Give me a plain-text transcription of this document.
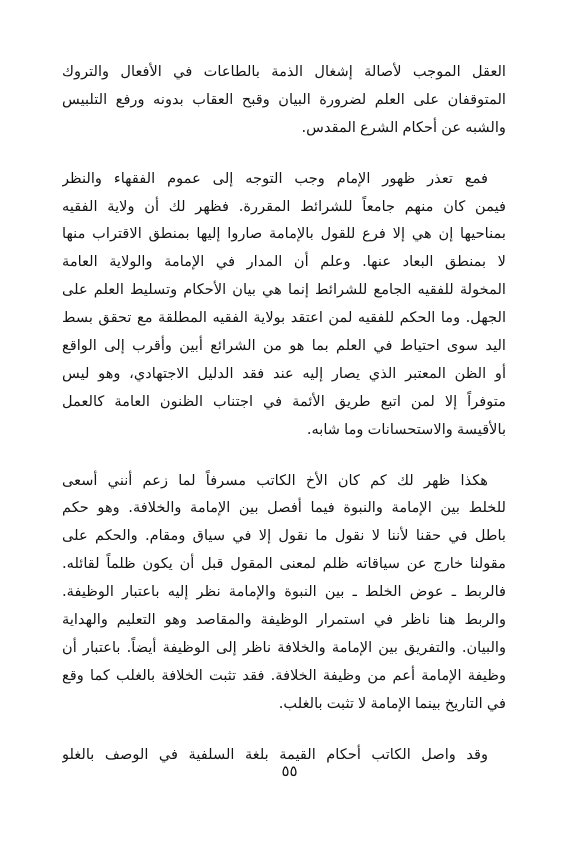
العقل الموجب لأصالة إشغال الذمة بالطاعات في الأفعال والتروك
المتوقفان على العلم لضرورة البيان وقبح العقاب بدونه ورفع التلبيس
والشبه عن أحكام الشرع المقدس.
فمع تعذر ظهور الإمام وجب التوجه إلى عموم الفقهاء والنظر
فيمن كان منهم جامعاً للشرائط المقررة. فظهر لك أن ولاية الفقيه
بمناحيها إن هي إلا فرع للقول بالإمامة صاروا إليها بمنطق الاقتراب منها
لا بمنطق البعاد عنها. وعلم أن المدار في الإمامة والولاية العامة
المخولة للفقيه الجامع للشرائط إنما هي بيان الأحكام وتسليط العلم على
الجهل. وما الحكم للفقيه لمن اعتقد بولاية الفقيه المطلقة مع تحقق بسط
اليد سوى احتياط في العلم بما هو من الشرائع أبين وأقرب إلى الواقع
أو الظن المعتبر الذي يصار إليه عند فقد الدليل الاجتهادي، وهو ليس
متوفراً إلا لمن اتبع طريق الأئمة في اجتناب الظنون العامة كالعمل
بالأقيسة والاستحسانات وما شابه.
هكذا ظهر لك كم كان الأخ الكاتب مسرفاً لما زعم أنني أسعى
للخلط بين الإمامة والنبوة فيما أفصل بين الإمامة والخلافة. وهو حكم
باطل في حقنا لأننا لا نقول ما نقول إلا في سياق ومقام. والحكم على
مقولنا خارج عن سياقاته ظلم لمعنى المقول قبل أن يكون ظلماً لقائله.
فالربط ـ عوض الخلط ـ بين النبوة والإمامة نظر إليه باعتبار الوظيفة.
والربط هنا ناظر في استمرار الوظيفة والمقاصد وهو التعليم والهداية
والبيان. والتفريق بين الإمامة والخلافة ناظر إلى الوظيفة أيضاً. باعتبار أن
وظيفة الإمامة أعم من وظيفة الخلافة. فقد تثبت الخلافة بالغلب كما وقع
في التاريخ بينما الإمامة لا تثبت بالغلب.
وقد واصل الكاتب أحكام القيمة بلغة السلفية في الوصف بالغلو
٥٥
